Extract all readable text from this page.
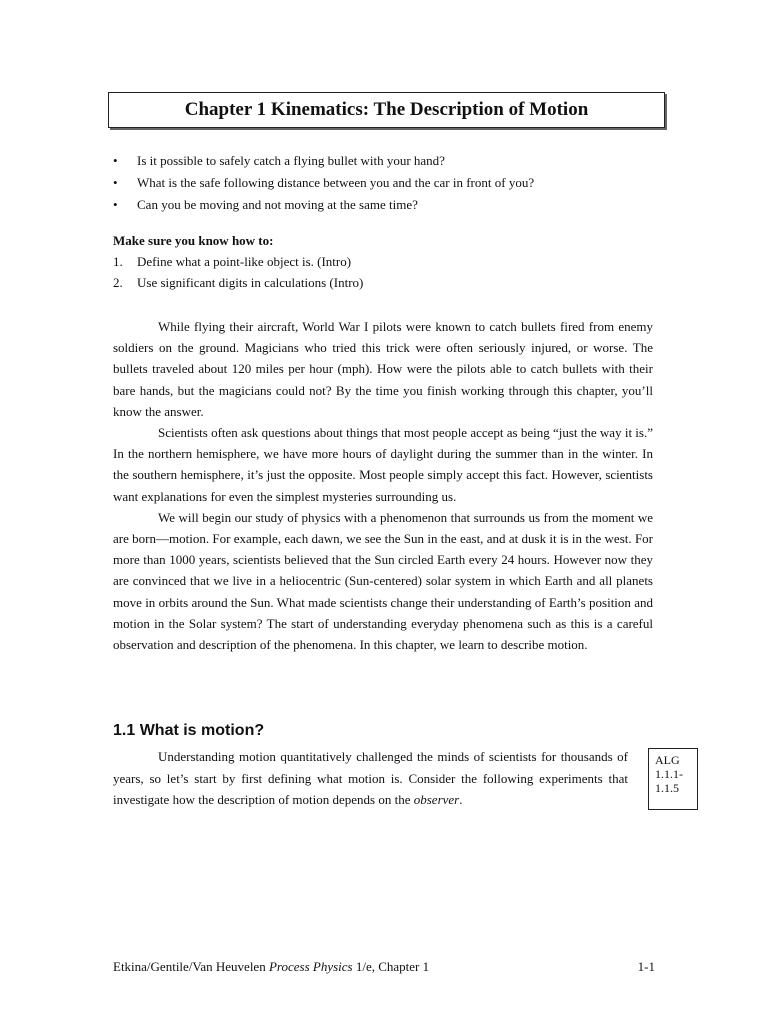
Chapter 1 Kinematics: The Description of Motion
• Is it possible to safely catch a flying bullet with your hand?
• What is the safe following distance between you and the car in front of you?
• Can you be moving and not moving at the same time?
Make sure you know how to:
1. Define what a point-like object is. (Intro)
2. Use significant digits in calculations (Intro)

While flying their aircraft, World War I pilots were known to catch bullets fired from enemy soldiers on the ground. Magicians who tried this trick were often seriously injured, or worse. The bullets traveled about 120 miles per hour (mph). How were the pilots able to catch bullets with their bare hands, but the magicians could not? By the time you finish working through this chapter, you’ll know the answer.

Scientists often ask questions about things that most people accept as being “just the way it is.” In the northern hemisphere, we have more hours of daylight during the summer than in the winter. In the southern hemisphere, it’s just the opposite. Most people simply accept this fact. However, scientists want explanations for even the simplest mysteries surrounding us.

We will begin our study of physics with a phenomenon that surrounds us from the moment we are born—motion. For example, each dawn, we see the Sun in the east, and at dusk it is in the west. For more than 1000 years, scientists believed that the Sun circled Earth every 24 hours. However now they are convinced that we live in a heliocentric (Sun-centered) solar system in which Earth and all planets move in orbits around the Sun. What made scientists change their understanding of Earth’s position and motion in the Solar system? The start of understanding everyday phenomena such as this is a careful observation and description of the phenomena. In this chapter, we learn to describe motion.

1.1 What is motion?

Understanding motion quantitatively challenged the minds of scientists for thousands of years, so let’s start by first defining what motion is. Consider the following experiments that investigate how the description of motion depends on the observer.

ALG
1.1.1-
1.1.5
Etkina/Gentile/Van Heuvelen Process Physics 1/e, Chapter 1	1-1
